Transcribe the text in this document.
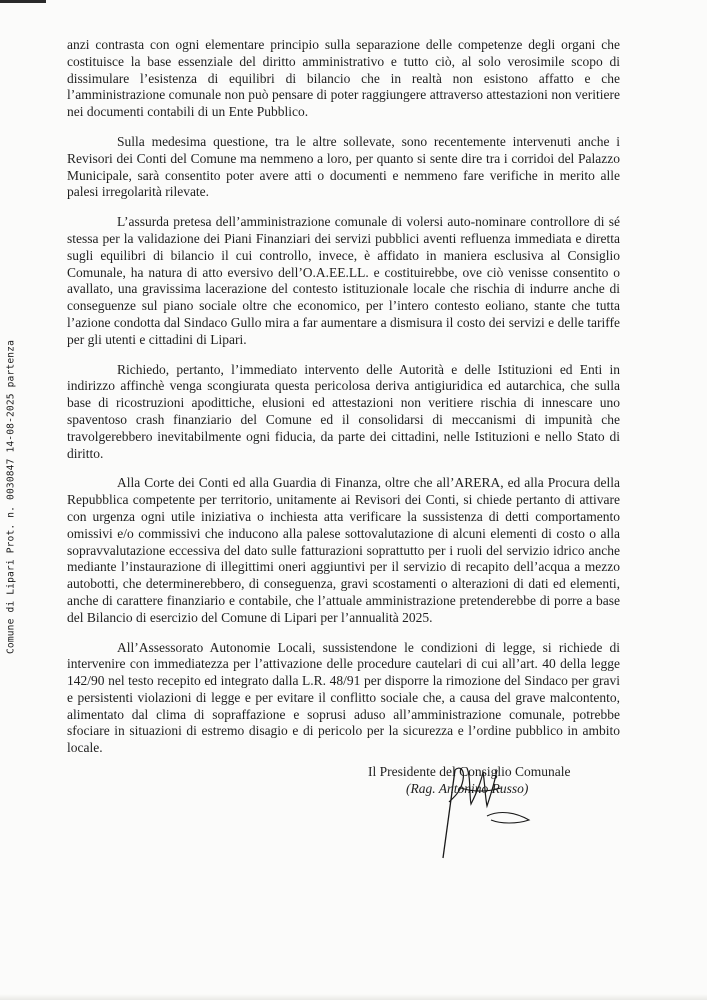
Comune di Lipari Prot. n. 0030847 14-08-2025 partenza

anzi contrasta con ogni elementare principio sulla separazione delle competenze degli organi che costituisce la base essenziale del diritto amministrativo e tutto ciò, al solo verosimile scopo di dissimulare l’esistenza di equilibri di bilancio che in realtà non esistono affatto e che l’amministrazione comunale non può pensare di poter raggiungere attraverso attestazioni non veritiere nei documenti contabili di un Ente Pubblico.

Sulla medesima questione, tra le altre sollevate, sono recentemente intervenuti anche i Revisori dei Conti del Comune ma nemmeno a loro, per quanto si sente dire tra i corridoi del Palazzo Municipale, sarà consentito poter avere atti o documenti e nemmeno fare verifiche in merito alle palesi irregolarità rilevate.

L’assurda pretesa dell’amministrazione comunale di volersi auto-nominare controllore di sé stessa per la validazione dei Piani Finanziari dei servizi pubblici aventi refluenza immediata e diretta sugli equilibri di bilancio il cui controllo, invece, è affidato in maniera esclusiva al Consiglio Comunale, ha natura di atto eversivo dell’O.A.EE.LL. e costituirebbe, ove ciò venisse consentito o avallato, una gravissima lacerazione del contesto istituzionale locale che rischia di indurre anche di conseguenze sul piano sociale oltre che economico, per l’intero contesto eoliano, stante che tutta l’azione condotta dal Sindaco Gullo mira a far aumentare a dismisura il costo dei servizi e delle tariffe per gli utenti e cittadini di Lipari.

Richiedo, pertanto, l’immediato intervento delle Autorità e delle Istituzioni ed Enti in indirizzo affinchè venga scongiurata questa pericolosa deriva antigiuridica ed autarchica, che sulla base di ricostruzioni apodittiche, elusioni ed attestazioni non veritiere rischia di innescare uno spaventoso crash finanziario del Comune ed il consolidarsi di meccanismi di impunità che travolgerebbero inevitabilmente ogni fiducia, da parte dei cittadini, nelle Istituzioni e nello Stato di diritto.

Alla Corte dei Conti ed alla Guardia di Finanza, oltre che all’ARERA, ed alla Procura della Repubblica competente per territorio, unitamente ai Revisori dei Conti, si chiede pertanto di attivare con urgenza ogni utile iniziativa o inchiesta atta verificare la sussistenza di detti comportamento omissivi e/o commissivi che inducono alla palese sottovalutazione di alcuni elementi di costo o alla sopravvalutazione eccessiva del dato sulle fatturazioni soprattutto per i ruoli del servizio idrico anche mediante l’instaurazione di illegittimi oneri aggiuntivi per il servizio di recapito dell’acqua a mezzo autobotti, che determinerebbero, di conseguenza, gravi scostamenti o alterazioni di dati ed elementi, anche di carattere finanziario e contabile, che l’attuale amministrazione pretenderebbe di porre a base del Bilancio di esercizio del Comune di Lipari per l’annualità 2025.

All’Assessorato Autonomie Locali, sussistendone le condizioni di legge, si richiede di intervenire con immediatezza per l’attivazione delle procedure cautelari di cui all’art. 40 della legge 142/90 nel testo recepito ed integrato dalla L.R. 48/91 per disporre la rimozione del Sindaco per gravi e persistenti violazioni di legge e per evitare il conflitto sociale che, a causa del grave malcontento, alimentato dal clima di sopraffazione e soprusi aduso all’amministrazione comunale, potrebbe sfociare in situazioni di estremo disagio e di pericolo per la sicurezza e l’ordine pubblico in ambito locale.

Il Presidente del Consiglio Comunale
(Rag. Antonino Russo)
